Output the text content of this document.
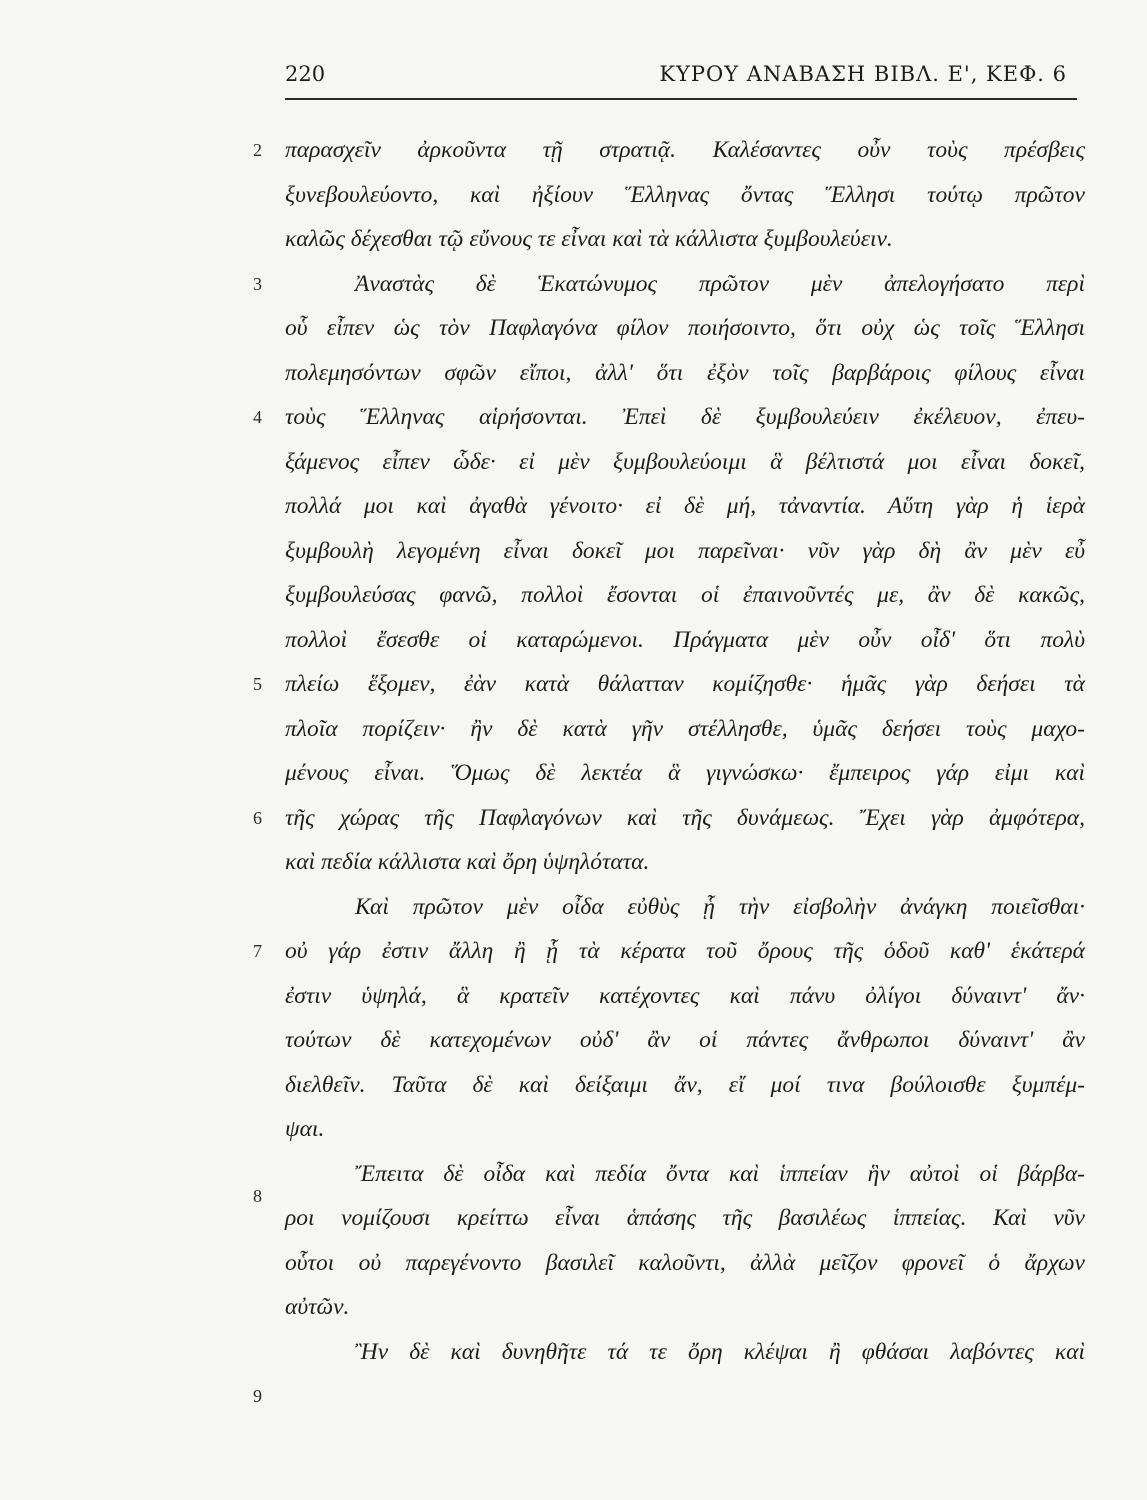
220	ΚΥΡΟΥ ΑΝΑΒΑΣΗ ΒΙΒΛ. Ε', ΚΕΦ. 6
2
3
4
5
6
7
8
9
παρασχεῖν ἀρκοῦντα τῇ στρατιᾷ. Καλέσαντες οὖν τοὺς πρέσβεις
ξυνεβουλεύοντο, καὶ ἠξίουν Ἕλληνας ὄντας Ἕλλησι τούτῳ πρῶτον
καλῶς δέχεσθαι τῷ εὔνους τε εἶναι καὶ τὰ κάλλιστα ξυμβουλεύειν.
Ἀναστὰς δὲ Ἑκατώνυμος πρῶτον μὲν ἀπελογήσατο περὶ
οὗ εἶπεν ὡς τὸν Παφλαγόνα φίλον ποιήσοιντο, ὅτι οὐχ ὡς τοῖς Ἕλλησι
πολεμησόντων σφῶν εἴποι, ἀλλ' ὅτι ἐξὸν τοῖς βαρβάροις φίλους εἶναι
τοὺς Ἕλληνας αἱρήσονται. Ἐπεὶ δὲ ξυμβουλεύειν ἐκέλευον, ἐπευ-
ξάμενος εἶπεν ὧδε· εἰ μὲν ξυμβουλεύοιμι ἃ βέλτιστά μοι εἶναι δοκεῖ,
πολλά μοι καὶ ἀγαθὰ γένοιτο· εἰ δὲ μή, τἀναντία. Αὕτη γὰρ ἡ ἱερὰ
ξυμβουλὴ λεγομένη εἶναι δοκεῖ μοι παρεῖναι· νῦν γὰρ δὴ ἂν μὲν εὖ
ξυμβουλεύσας φανῶ, πολλοὶ ἔσονται οἱ ἐπαινοῦντές με, ἂν δὲ κακῶς,
πολλοὶ ἔσεσθε οἱ καταρώμενοι. Πράγματα μὲν οὖν οἶδ' ὅτι πολὺ
πλείω ἕξομεν, ἐὰν κατὰ θάλατταν κομίζησθε· ἡμᾶς γὰρ δεήσει τὰ
πλοῖα πορίζειν· ἢν δὲ κατὰ γῆν στέλλησθε, ὑμᾶς δεήσει τοὺς μαχο-
μένους εἶναι. Ὅμως δὲ λεκτέα ἃ γιγνώσκω· ἔμπειρος γάρ εἰμι καὶ
τῆς χώρας τῆς Παφλαγόνων καὶ τῆς δυνάμεως. Ἔχει γὰρ ἀμφότερα,
καὶ πεδία κάλλιστα καὶ ὄρη ὑψηλότατα.
Καὶ πρῶτον μὲν οἶδα εὐθὺς ᾗ τὴν εἰσβολὴν ἀνάγκη ποιεῖσθαι·
οὐ γάρ ἐστιν ἄλλη ἢ ᾗ τὰ κέρατα τοῦ ὄρους τῆς ὁδοῦ καθ' ἑκάτερά
ἐστιν ὑψηλά, ἃ κρατεῖν κατέχοντες καὶ πάνυ ὀλίγοι δύναιντ' ἄν·
τούτων δὲ κατεχομένων οὐδ' ἂν οἱ πάντες ἄνθρωποι δύναιντ' ἂν
διελθεῖν. Ταῦτα δὲ καὶ δείξαιμι ἄν, εἴ μοί τινα βούλοισθε ξυμπέμ-
ψαι.
Ἔπειτα δὲ οἶδα καὶ πεδία ὄντα καὶ ἱππείαν ἣν αὐτοὶ οἱ βάρβα-
ροι νομίζουσι κρείττω εἶναι ἁπάσης τῆς βασιλέως ἱππείας. Καὶ νῦν
οὗτοι οὐ παρεγένοντο βασιλεῖ καλοῦντι, ἀλλὰ μεῖζον φρονεῖ ὁ ἄρχων
αὐτῶν.
Ἢν δὲ καὶ δυνηθῆτε τά τε ὄρη κλέψαι ἢ φθάσαι λαβόντες καὶ
